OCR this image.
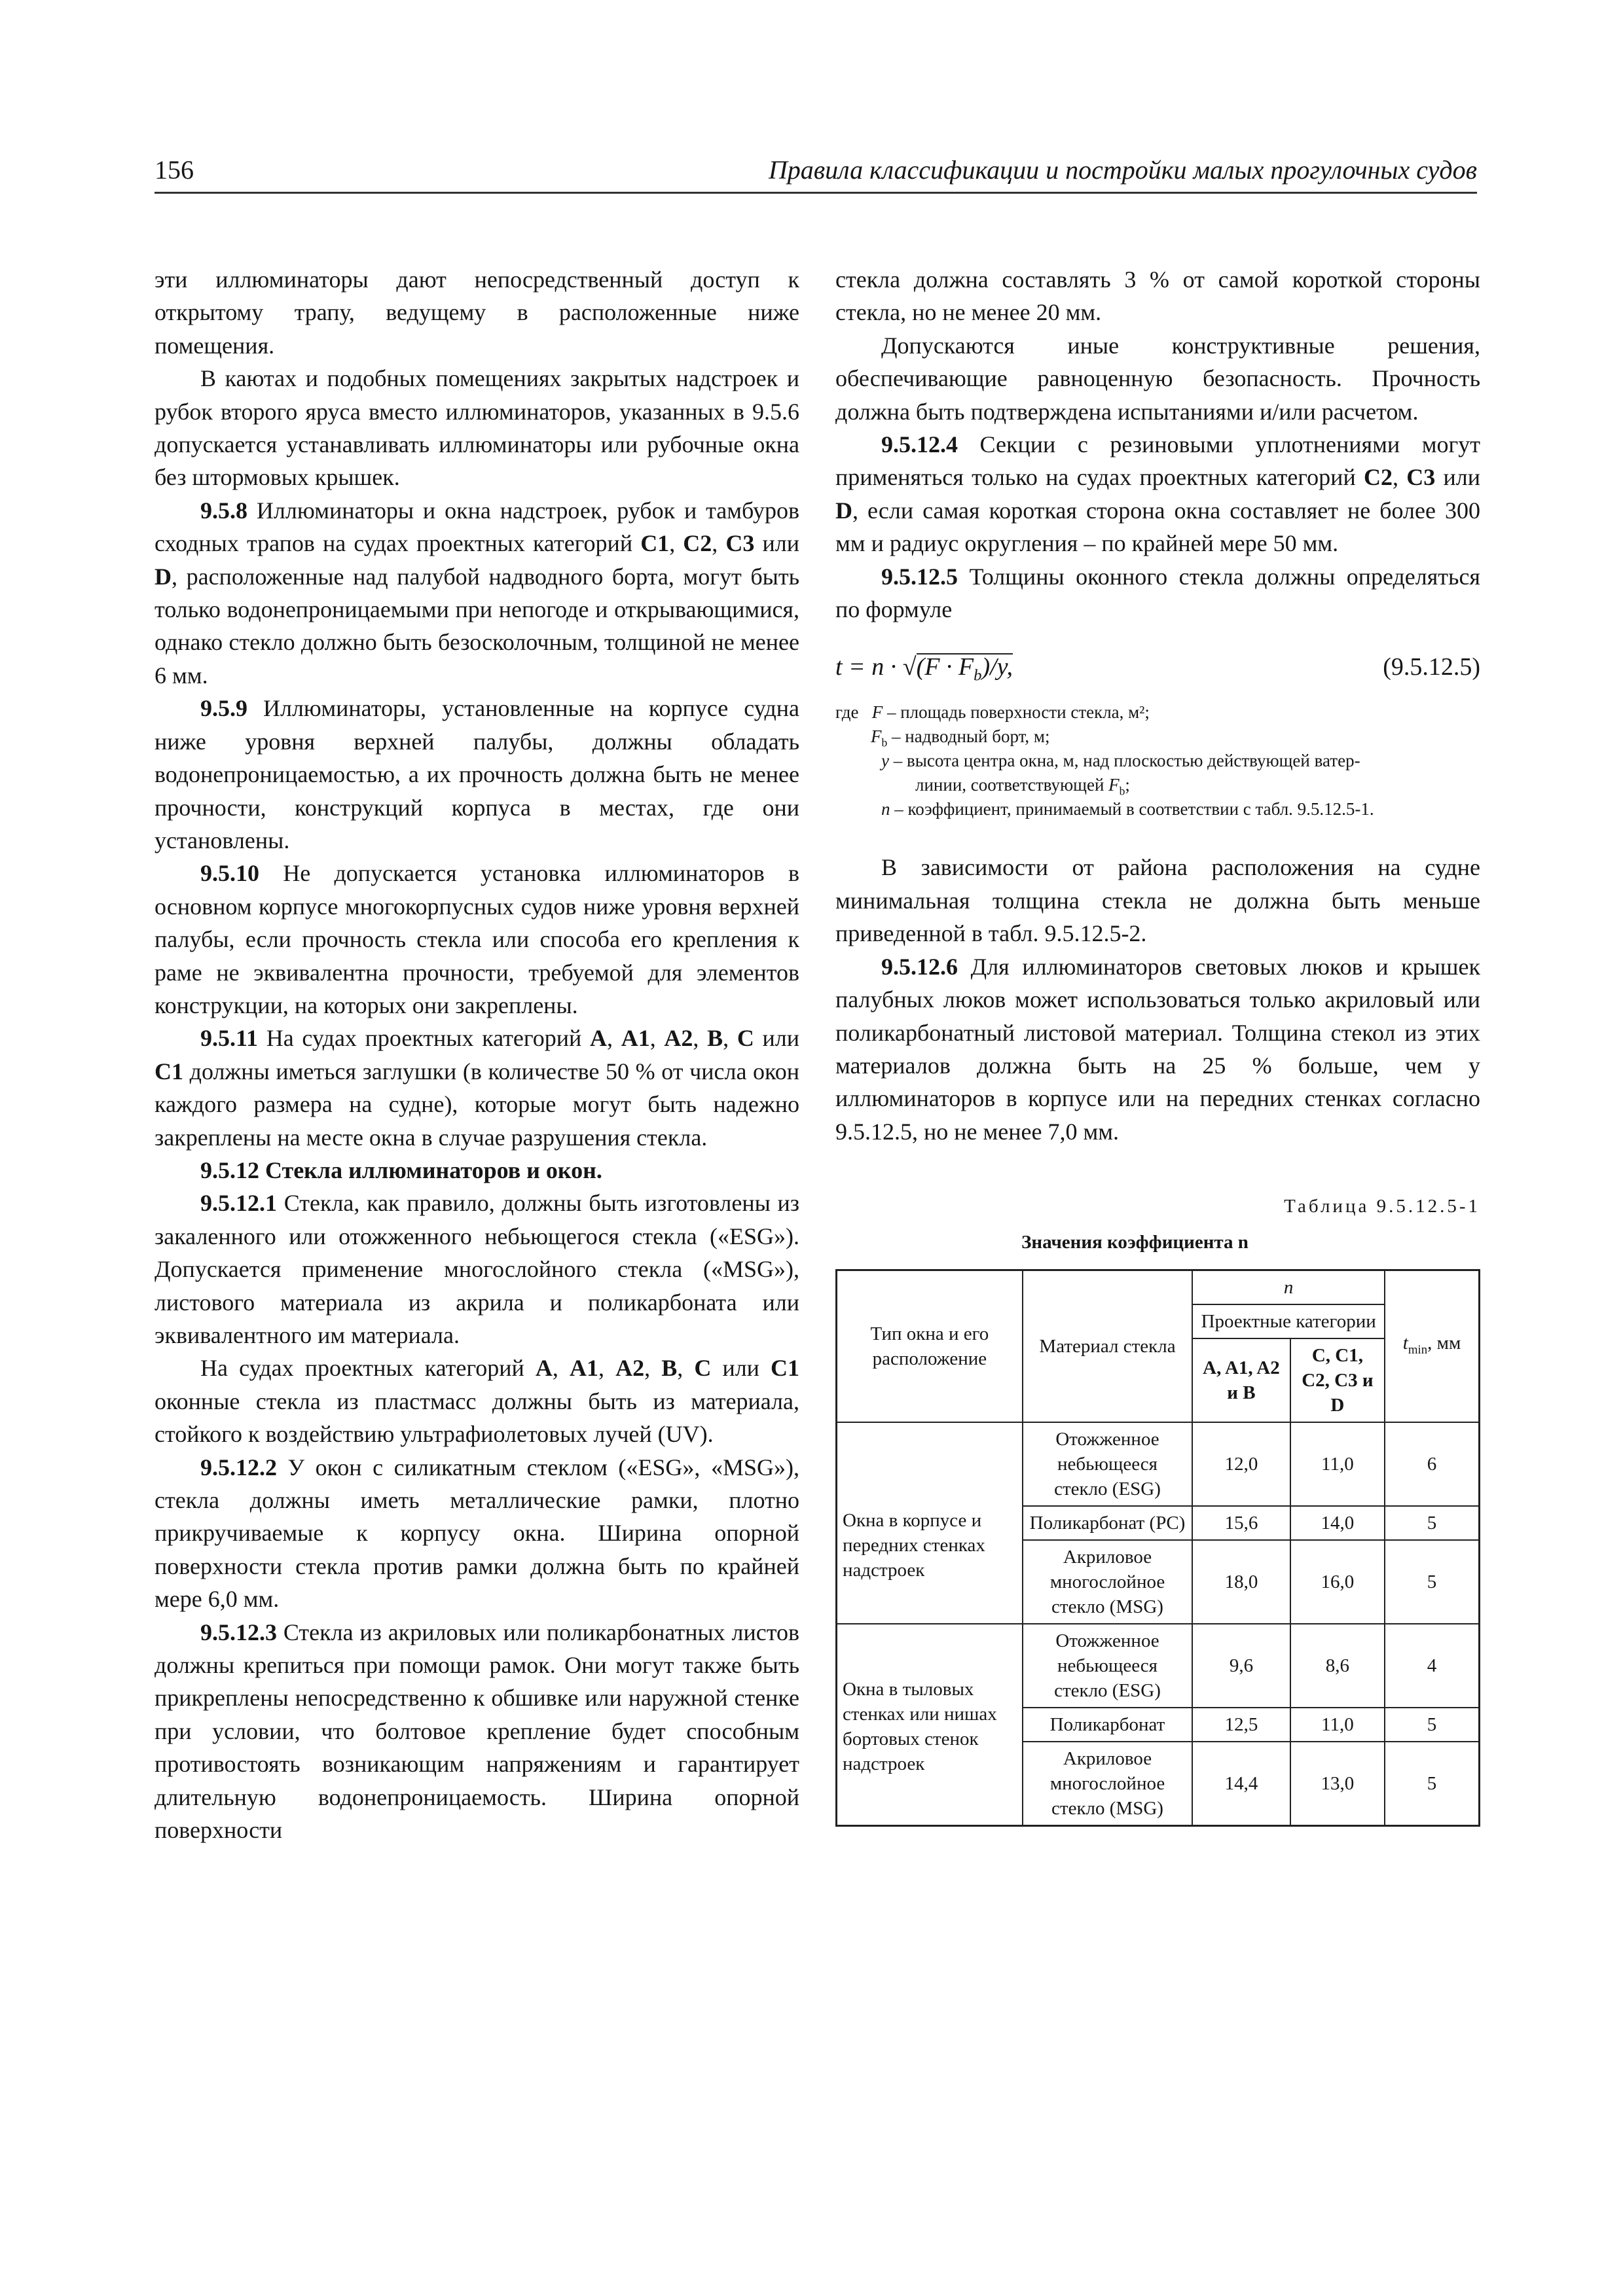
156	Правила классификации и постройки малых прогулочных судов

эти иллюминаторы дают непосредственный доступ к открытому трапу, ведущему в расположенные ниже помещения.

В каютах и подобных помещениях закрытых надстроек и рубок второго яруса вместо иллюминаторов, указанных в 9.5.6 допускается устанавливать иллюминаторы или рубочные окна без штормовых крышек.

9.5.8 Иллюминаторы и окна надстроек, рубок и тамбуров сходных трапов на судах проектных категорий C1, C2, C3 или D, расположенные над палубой надводного борта, могут быть только водонепроницаемыми при непогоде и открывающимися, однако стекло должно быть безосколочным, толщиной не менее 6 мм.

9.5.9 Иллюминаторы, установленные на корпусе судна ниже уровня верхней палубы, должны обладать водонепроницаемостью, а их прочность должна быть не менее прочности, конструкций корпуса в местах, где они установлены.

9.5.10 Не допускается установка иллюминаторов в основном корпусе многокорпусных судов ниже уровня верхней палубы, если прочность стекла или способа его крепления к раме не эквивалентна прочности, требуемой для элементов конструкции, на которых они закреплены.

9.5.11 На судах проектных категорий A, A1, A2, B, C или C1 должны иметься заглушки (в количестве 50 % от числа окон каждого размера на судне), которые могут быть надежно закреплены на месте окна в случае разрушения стекла.

9.5.12 Стекла иллюминаторов и окон.

9.5.12.1 Стекла, как правило, должны быть изготовлены из закаленного или отожженного небьющегося стекла («ESG»). Допускается применение многослойного стекла («MSG»), листового материала из акрила и поликарбоната или эквивалентного им материала.

На судах проектных категорий A, A1, A2, B, C или C1 оконные стекла из пластмасс должны быть из материала, стойкого к воздействию ультрафиолетовых лучей (UV).

9.5.12.2 У окон с силикатным стеклом («ESG», «MSG»), стекла должны иметь металлические рамки, плотно прикручиваемые к корпусу окна. Ширина опорной поверхности стекла против рамки должна быть по крайней мере 6,0 мм.

9.5.12.3 Стекла из акриловых или поликарбонатных листов должны крепиться при помощи рамок. Они могут также быть прикреплены непосредственно к обшивке или наружной стенке при условии, что болтовое крепление будет способным противостоять возникающим напряжениям и гарантирует длительную водонепроницаемость. Ширина опорной поверхности

стекла должна составлять 3 % от самой короткой стороны стекла, но не менее 20 мм.

Допускаются иные конструктивные решения, обеспечивающие равноценную безопасность. Прочность должна быть подтверждена испытаниями и/или расчетом.

9.5.12.4 Секции с резиновыми уплотнениями могут применяться только на судах проектных категорий C2, C3 или D, если самая короткая сторона окна составляет не более 300 мм и радиус округления – по крайней мере 50 мм.

9.5.12.5 Толщины оконного стекла должны определяться по формуле

$t = n \cdot √(F \cdot F_b)/y$,	(9.5.12.5)
где F – площадь поверхности стекла, м²;
$F_b$ – надводный борт, м;
y – высота центра окна, м, над плоскостью действующей ватер-
линии, соответствующей $F_b$;
n – коэффициент, принимаемый в соответствии с табл. 9.5.12.5-1.

В зависимости от района расположения на судне минимальная толщина стекла не должна быть меньше приведенной в табл. 9.5.12.5-2.

9.5.12.6 Для иллюминаторов световых люков и крышек палубных люков может использоваться только акриловый или поликарбонатный листовой материал. Толщина стекол из этих материалов должна быть на 25 % больше, чем у иллюминаторов в корпусе или на передних стенках согласно 9.5.12.5, но не менее 7,0 мм.

Таблица 9.5.12.5-1
Значения коэффициента n
Тип окна и его расположение	Материал стекла	n		$t_{min}$, мм
		Проектные категории		
		A, A1, A2 и B	C, C1, C2, C3 и D	
Окна в корпусе и передних стенках надстроек	Отожженное небьющееся стекло (ESG)	12,0	11,0	6
	Поликарбонат (PC)	15,6	14,0	5
	Акриловое многослойное стекло (MSG)	18,0	16,0	5
Окна в тыловых стенках или нишах бортовых стенок надстроек	Отожженное небьющееся стекло (ESG)	9,6	8,6	4
	Поликарбонат	12,5	11,0	5
	Акриловое многослойное стекло (MSG)	14,4	13,0	5
